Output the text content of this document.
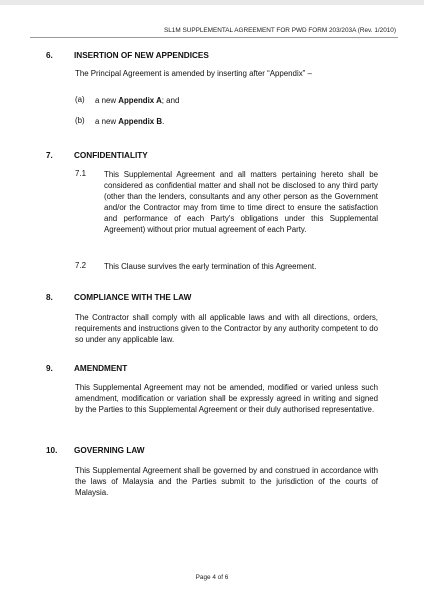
SL1M SUPPLEMENTAL AGREEMENT FOR PWD FORM 203/203A (Rev. 1/2010)
6.	INSERTION OF NEW APPENDICES

The Principal Agreement is amended by inserting after “Appendix” –

(a) a new Appendix A; and

(b) a new Appendix B.

7.	CONFIDENTIALITY
7.1 This Supplemental Agreement and all matters pertaining hereto shall be considered as confidential matter and shall not be disclosed to any third party (other than the lenders, consultants and any other person as the Government and/or the Contractor may from time to time direct to ensure the satisfaction and performance of each Party's obligations under this Supplemental Agreement) without prior mutual agreement of each Party.

7.2 This Clause survives the early termination of this Agreement.

8.	COMPLIANCE WITH THE LAW

The Contractor shall comply with all applicable laws and with all directions, orders, requirements and instructions given to the Contractor by any authority competent to do so under any applicable law.

9.	AMENDMENT

This Supplemental Agreement may not be amended, modified or varied unless such amendment, modification or variation shall be expressly agreed in writing and signed by the Parties to this Supplemental Agreement or their duly authorised representative.

10. GOVERNING LAW

This Supplemental Agreement shall be governed by and construed in accordance with the laws of Malaysia and the Parties submit to the jurisdiction of the courts of Malaysia.

Page 4 of 6
